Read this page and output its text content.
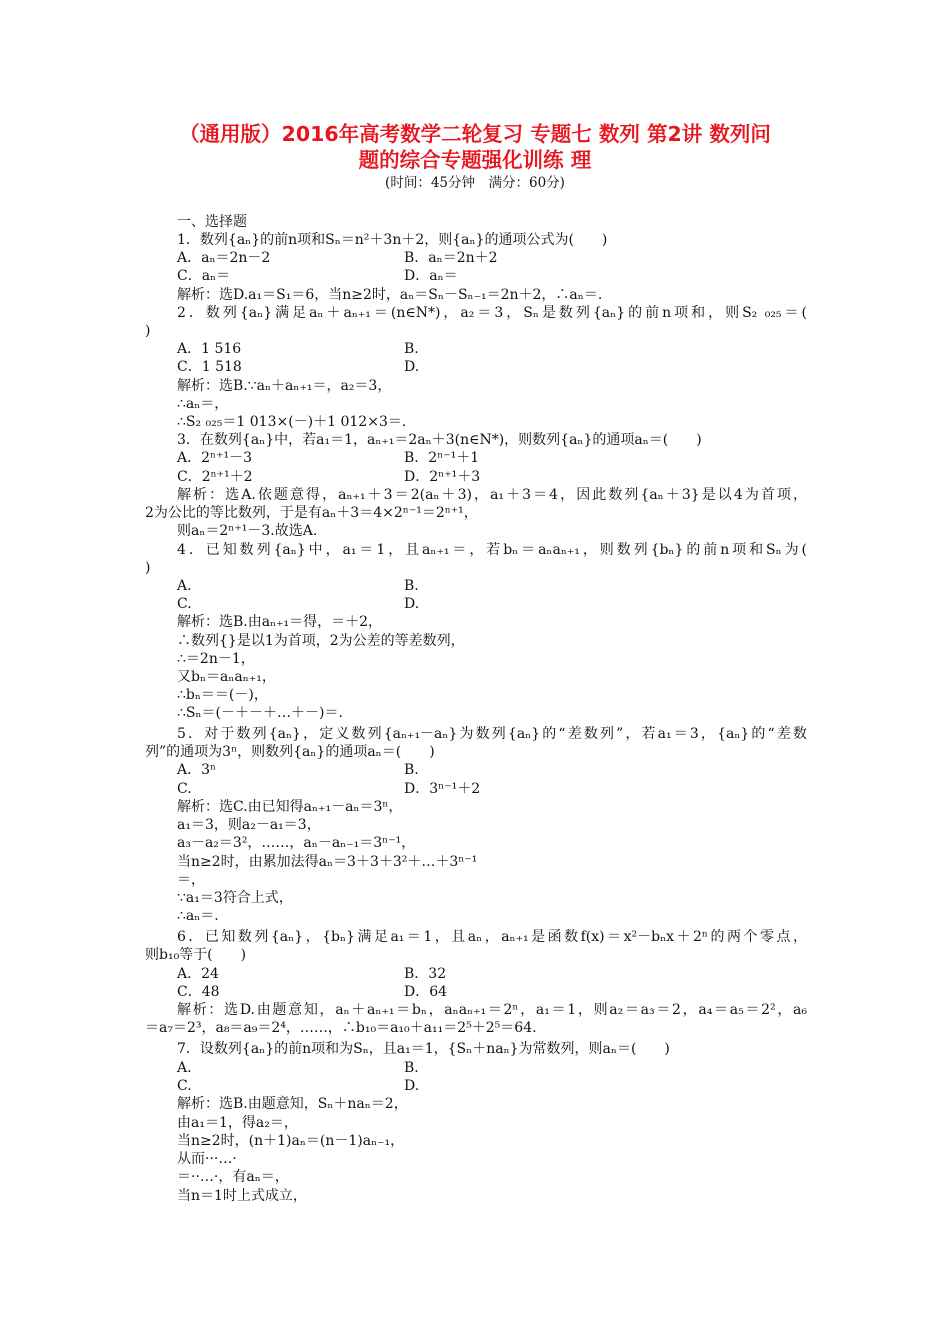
（通用版）2016年高考数学二轮复习 专题七 数列 第2讲 数列问
题的综合专题强化训练 理
(时间：45分钟　满分：60分)
一、选择题
1．数列{aₙ}的前n项和Sₙ＝n²＋3n＋2，则{aₙ}的通项公式为(　　)
A．aₙ＝2n－2	B．aₙ＝2n＋2
C．aₙ＝	D．aₙ＝
解析：选D.a₁＝S₁＝6，当n≥2时，aₙ＝Sₙ－Sₙ₋₁＝2n＋2，∴aₙ＝.
2．数列{aₙ}满足aₙ＋aₙ₊₁＝(n∈N*)，a₂＝3，Sₙ是数列{aₙ}的前n项和，则S₂ ₀₂₅＝(
)
A．1 516	B.
C．1 518	D.
解析：选B.∵aₙ＋aₙ₊₁＝，a₂＝3，
∴aₙ＝，
∴S₂ ₀₂₅＝1 013×(－)＋1 012×3＝.
3．在数列{aₙ}中，若a₁＝1，aₙ₊₁＝2aₙ＋3(n∈N*)，则数列{aₙ}的通项aₙ＝(　　)
A．2ⁿ⁺¹－3	B．2ⁿ⁻¹＋1
C．2ⁿ⁺¹＋2	D．2ⁿ⁺¹＋3
解析：选A.依题意得，aₙ₊₁＋3＝2(aₙ＋3)，a₁＋3＝4，因此数列{aₙ＋3}是以4为首项，
2为公比的等比数列，于是有aₙ＋3＝4×2ⁿ⁻¹＝2ⁿ⁺¹，
则aₙ＝2ⁿ⁺¹－3.故选A.
4．已知数列{aₙ}中，a₁＝1，且aₙ₊₁＝，若bₙ＝aₙaₙ₊₁，则数列{bₙ}的前n项和Sₙ为(
)
A.	B.
C.	D.
解析：选B.由aₙ₊₁＝得，＝＋2，
∴数列{}是以1为首项，2为公差的等差数列，
∴＝2n－1，
又bₙ＝aₙaₙ₊₁，
∴bₙ＝＝(－)，
∴Sₙ＝(－＋－＋…＋－)＝.
5．对于数列{aₙ}，定义数列{aₙ₊₁－aₙ}为数列{aₙ}的“差数列”，若a₁＝3，{aₙ}的“差数
列”的通项为3ⁿ，则数列{aₙ}的通项aₙ＝(　　)
A．3ⁿ	B.
C.	D．3ⁿ⁻¹＋2
解析：选C.由已知得aₙ₊₁－aₙ＝3ⁿ，
a₁＝3，则a₂－a₁＝3，
a₃－a₂＝3²，……，aₙ－aₙ₋₁＝3ⁿ⁻¹，
当n≥2时，由累加法得aₙ＝3＋3＋3²＋…＋3ⁿ⁻¹
＝，
∵a₁＝3符合上式，
∴aₙ＝.
6．已知数列{aₙ}，{bₙ}满足a₁＝1，且aₙ，aₙ₊₁是函数f(x)＝x²－bₙx＋2ⁿ的两个零点，
则b₁₀等于(　　)
A．24	B．32
C．48	D．64
解析：选D.由题意知，aₙ＋aₙ₊₁＝bₙ，aₙaₙ₊₁＝2ⁿ，a₁＝1，则a₂＝a₃＝2，a₄＝a₅＝2²，a₆
＝a₇＝2³，a₈＝a₉＝2⁴，……，∴b₁₀＝a₁₀＋a₁₁＝2⁵＋2⁵＝64.
7．设数列{aₙ}的前n项和为Sₙ，且a₁＝1，{Sₙ＋naₙ}为常数列，则aₙ＝(　　)
A.	B.
C.	D.
解析：选B.由题意知，Sₙ＋naₙ＝2，
由a₁＝1，得a₂＝，
当n≥2时，(n＋1)aₙ＝(n－1)aₙ₋₁，
从而···…·
＝··…·，有aₙ＝，
当n＝1时上式成立，
